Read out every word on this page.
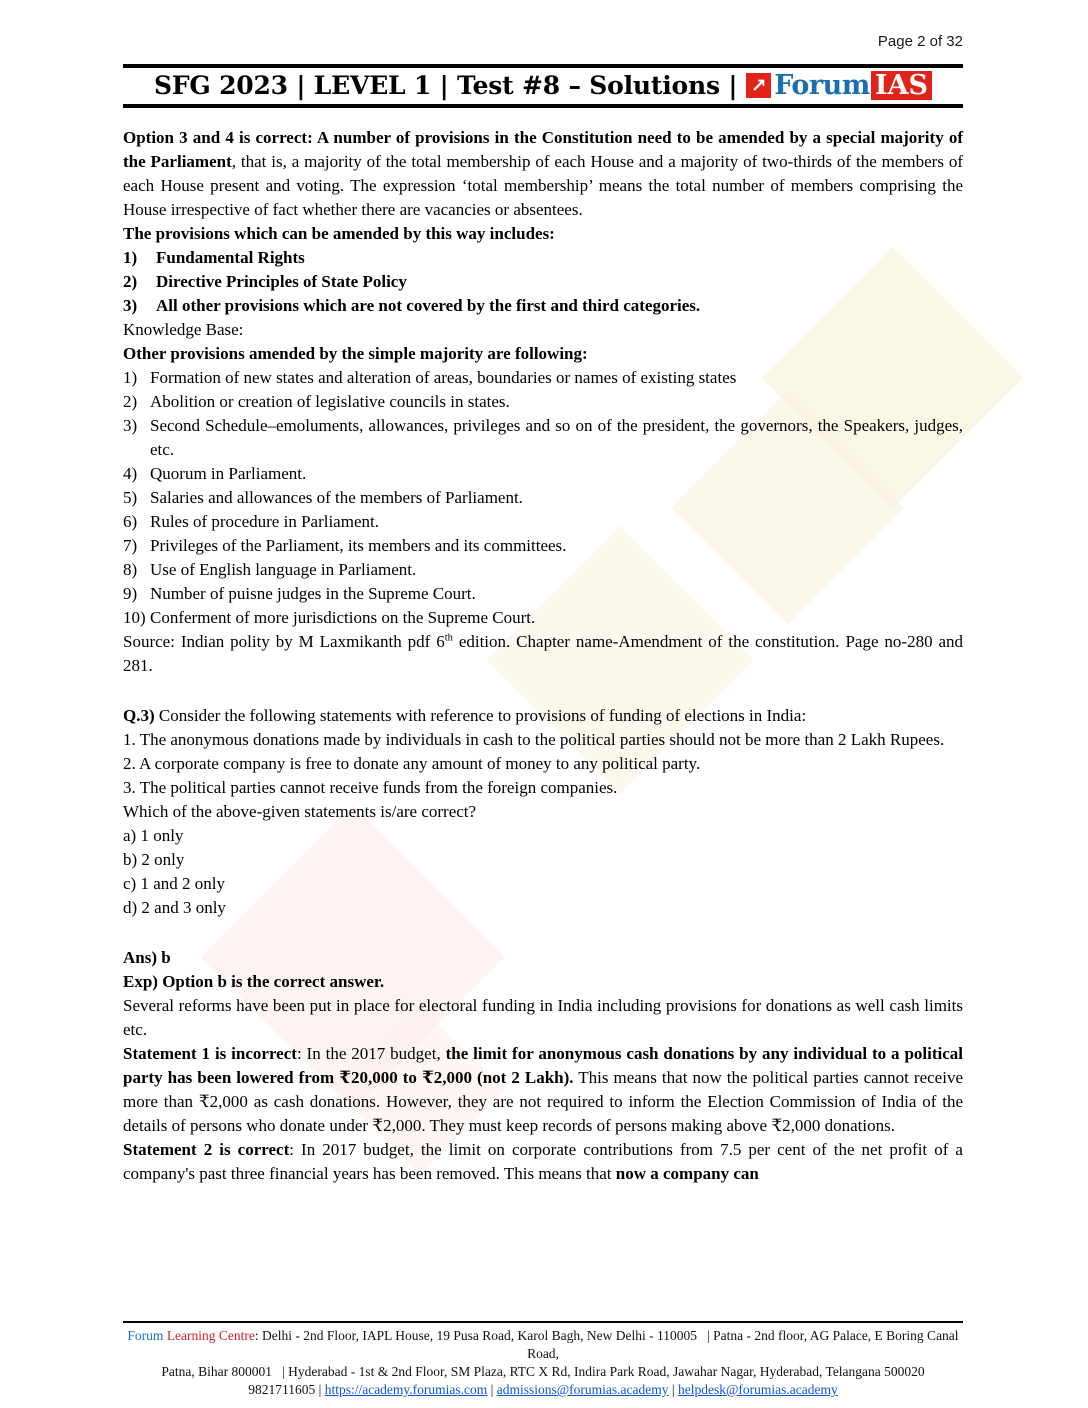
Page 2 of 32
SFG 2023 | LEVEL 1 | Test #8 – Solutions | ↗ Forum IAS
Option 3 and 4 is correct: A number of provisions in the Constitution need to be amended by a special majority of the Parliament, that is, a majority of the total membership of each House and a majority of two-thirds of the members of each House present and voting. The expression ‘total membership’ means the total number of members comprising the House irrespective of fact whether there are vacancies or absentees.
The provisions which can be amended by this way includes:
1) Fundamental Rights
2) Directive Principles of State Policy
3) All other provisions which are not covered by the first and third categories.
Knowledge Base:
Other provisions amended by the simple majority are following:
1) Formation of new states and alteration of areas, boundaries or names of existing states
2) Abolition or creation of legislative councils in states.
3) Second Schedule–emoluments, allowances, privileges and so on of the president, the governors, the Speakers, judges, etc.
4) Quorum in Parliament.
5) Salaries and allowances of the members of Parliament.
6) Rules of procedure in Parliament.
7) Privileges of the Parliament, its members and its committees.
8) Use of English language in Parliament.
9) Number of puisne judges in the Supreme Court.
10) Conferment of more jurisdictions on the Supreme Court.
Source: Indian polity by M Laxmikanth pdf 6th edition. Chapter name-Amendment of the constitution. Page no-280 and 281.
Q.3) Consider the following statements with reference to provisions of funding of elections in India:
1. The anonymous donations made by individuals in cash to the political parties should not be more than 2 Lakh Rupees.
2. A corporate company is free to donate any amount of money to any political party.
3. The political parties cannot receive funds from the foreign companies.
Which of the above-given statements is/are correct?
a) 1 only
b) 2 only
c) 1 and 2 only
d) 2 and 3 only
Ans) b
Exp) Option b is the correct answer.
Several reforms have been put in place for electoral funding in India including provisions for donations as well cash limits etc.
Statement 1 is incorrect: In the 2017 budget, the limit for anonymous cash donations by any individual to a political party has been lowered from ₹20,000 to ₹2,000 (not 2 Lakh). This means that now the political parties cannot receive more than ₹2,000 as cash donations. However, they are not required to inform the Election Commission of India of the details of persons who donate under ₹2,000. They must keep records of persons making above ₹2,000 donations.
Statement 2 is correct: In 2017 budget, the limit on corporate contributions from 7.5 per cent of the net profit of a company's past three financial years has been removed. This means that now a company can
Forum Learning Centre: Delhi - 2nd Floor, IAPL House, 19 Pusa Road, Karol Bagh, New Delhi - 110005   | Patna - 2nd floor, AG Palace, E Boring Canal Road,
Patna, Bihar 800001   | Hyderabad - 1st & 2nd Floor, SM Plaza, RTC X Rd, Indira Park Road, Jawahar Nagar, Hyderabad, Telangana 500020
9821711605 | https://academy.forumias.com | admissions@forumias.academy | helpdesk@forumias.academy
